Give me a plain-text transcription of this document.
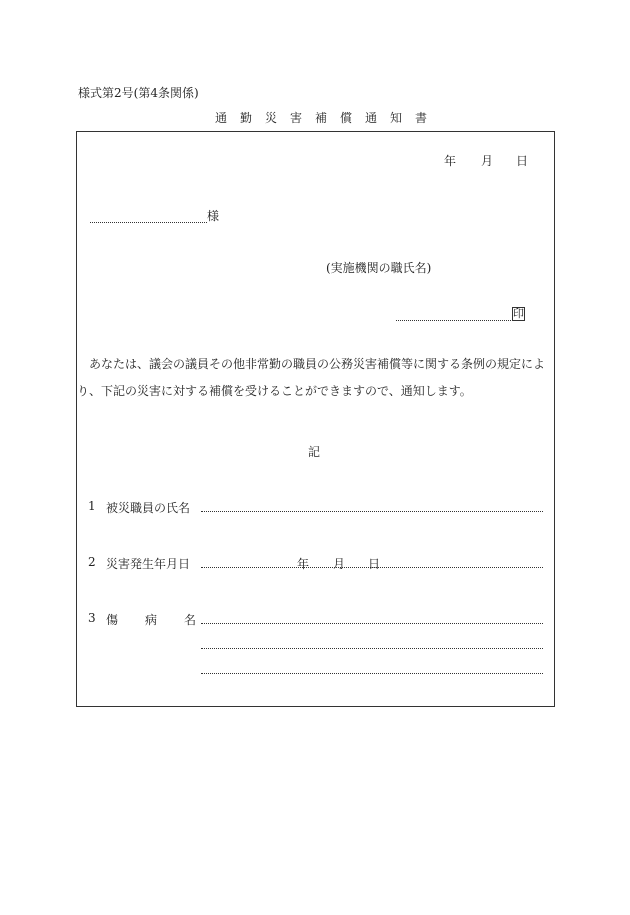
様式第2号(第4条関係)
通勤災害補償通知書
年 月 日
様
(実施機関の職氏名)
印
あなたは、議会の議員その他非常勤の職員の公務災害補償等に関する条例の規定によ
り、下記の災害に対する補償を受けることができますので、通知します。
記
1 被災職員の氏名
2 災害発生年月日	年 月 日
3 傷病名
